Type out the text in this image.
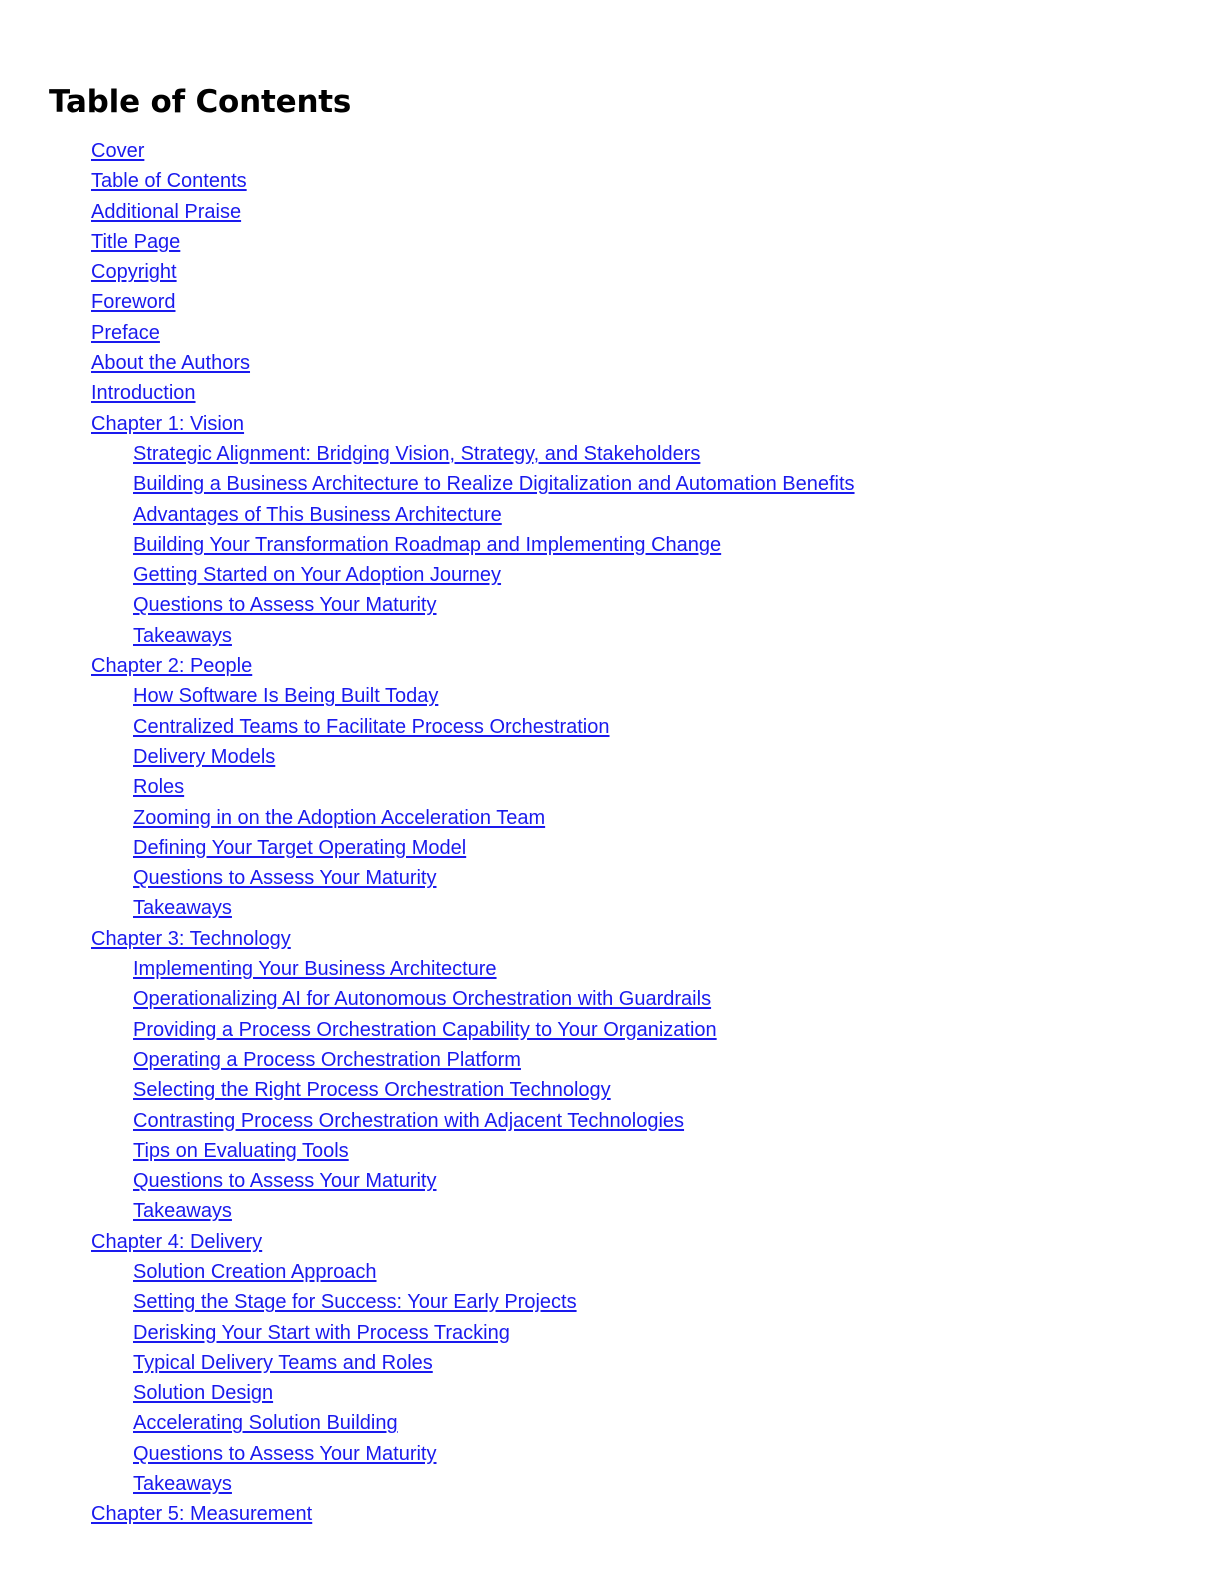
Table of Contents
Cover
Table of Contents
Additional Praise
Title Page
Copyright
Foreword
Preface
About the Authors
Introduction
Chapter 1: Vision
Strategic Alignment: Bridging Vision, Strategy, and Stakeholders
Building a Business Architecture to Realize Digitalization and Automation Benefits
Advantages of This Business Architecture
Building Your Transformation Roadmap and Implementing Change
Getting Started on Your Adoption Journey
Questions to Assess Your Maturity
Takeaways
Chapter 2: People
How Software Is Being Built Today
Centralized Teams to Facilitate Process Orchestration
Delivery Models
Roles
Zooming in on the Adoption Acceleration Team
Defining Your Target Operating Model
Questions to Assess Your Maturity
Takeaways
Chapter 3: Technology
Implementing Your Business Architecture
Operationalizing AI for Autonomous Orchestration with Guardrails
Providing a Process Orchestration Capability to Your Organization
Operating a Process Orchestration Platform
Selecting the Right Process Orchestration Technology
Contrasting Process Orchestration with Adjacent Technologies
Tips on Evaluating Tools
Questions to Assess Your Maturity
Takeaways
Chapter 4: Delivery
Solution Creation Approach
Setting the Stage for Success: Your Early Projects
Derisking Your Start with Process Tracking
Typical Delivery Teams and Roles
Solution Design
Accelerating Solution Building
Questions to Assess Your Maturity
Takeaways
Chapter 5: Measurement
